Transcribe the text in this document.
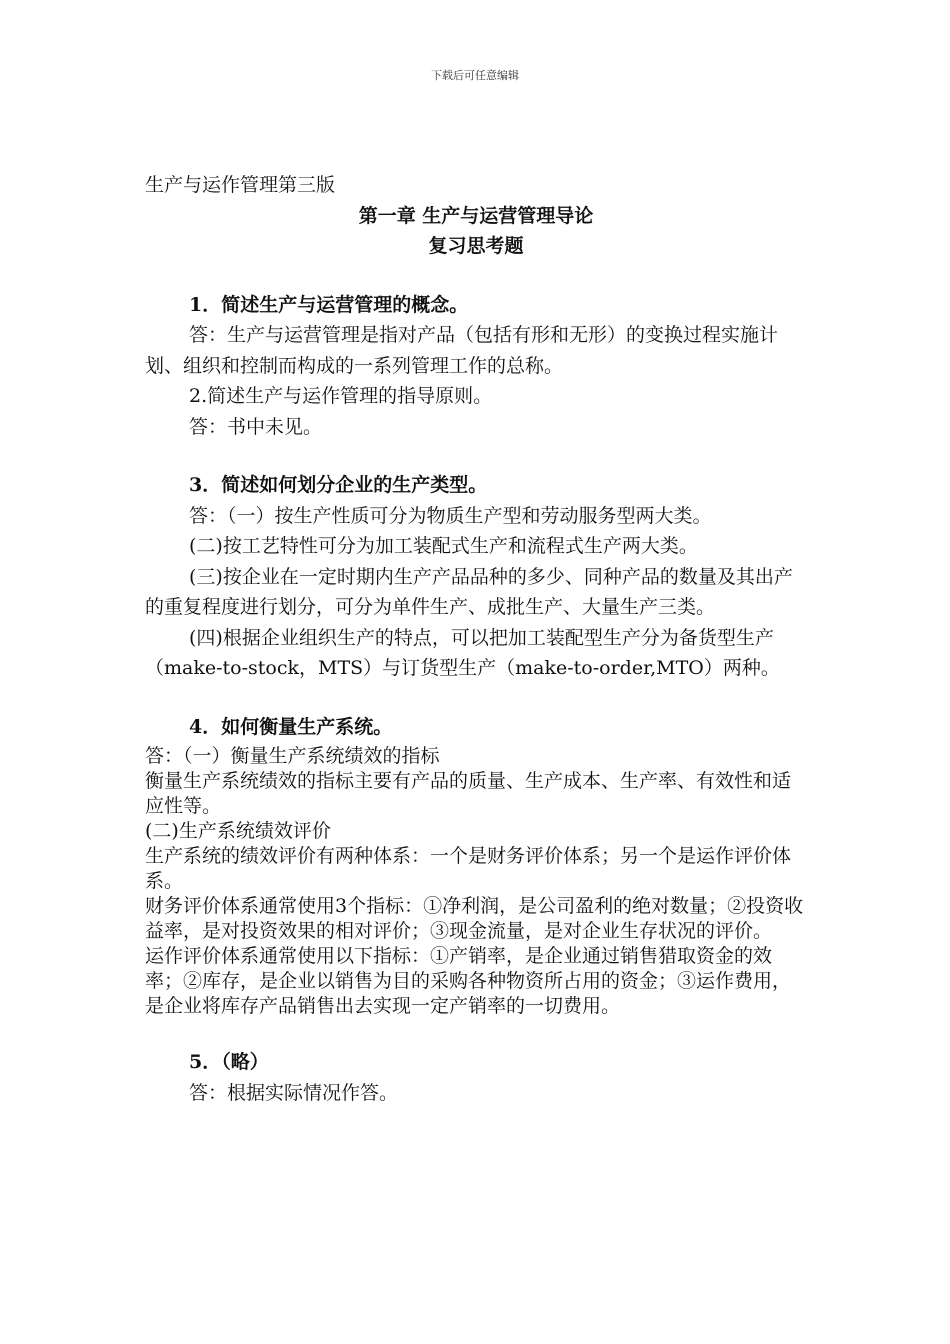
下载后可任意编辑

生产与运作管理第三版

第一章 生产与运营管理导论

复习思考题

1．简述生产与运营管理的概念。

答：生产与运营管理是指对产品（包括有形和无形）的变换过程实施计划、组织和控制而构成的一系列管理工作的总称。

2.简述生产与运作管理的指导原则。

答：书中未见。

3．简述如何划分企业的生产类型。

答：（一）按生产性质可分为物质生产型和劳动服务型两大类。

(二)按工艺特性可分为加工装配式生产和流程式生产两大类。

(三)按企业在一定时期内生产产品品种的多少、同种产品的数量及其出产的重复程度进行划分，可分为单件生产、成批生产、大量生产三类。

(四)根据企业组织生产的特点，可以把加工装配型生产分为备货型生产（make-to-stock，MTS）与订货型生产（make-to-order,MTO）两种。

4．如何衡量生产系统。

答：（一）衡量生产系统绩效的指标

衡量生产系统绩效的指标主要有产品的质量、生产成本、生产率、有效性和适应性等。

(二)生产系统绩效评价

生产系统的绩效评价有两种体系：一个是财务评价体系；另一个是运作评价体系。

财务评价体系通常使用3个指标：①净利润，是公司盈利的绝对数量；②投资收益率，是对投资效果的相对评价；③现金流量，是对企业生存状况的评价。

运作评价体系通常使用以下指标：①产销率，是企业通过销售猎取资金的效率；②库存，是企业以销售为目的采购各种物资所占用的资金；③运作费用，是企业将库存产品销售出去实现一定产销率的一切费用。

5．（略）

答：根据实际情况作答。
